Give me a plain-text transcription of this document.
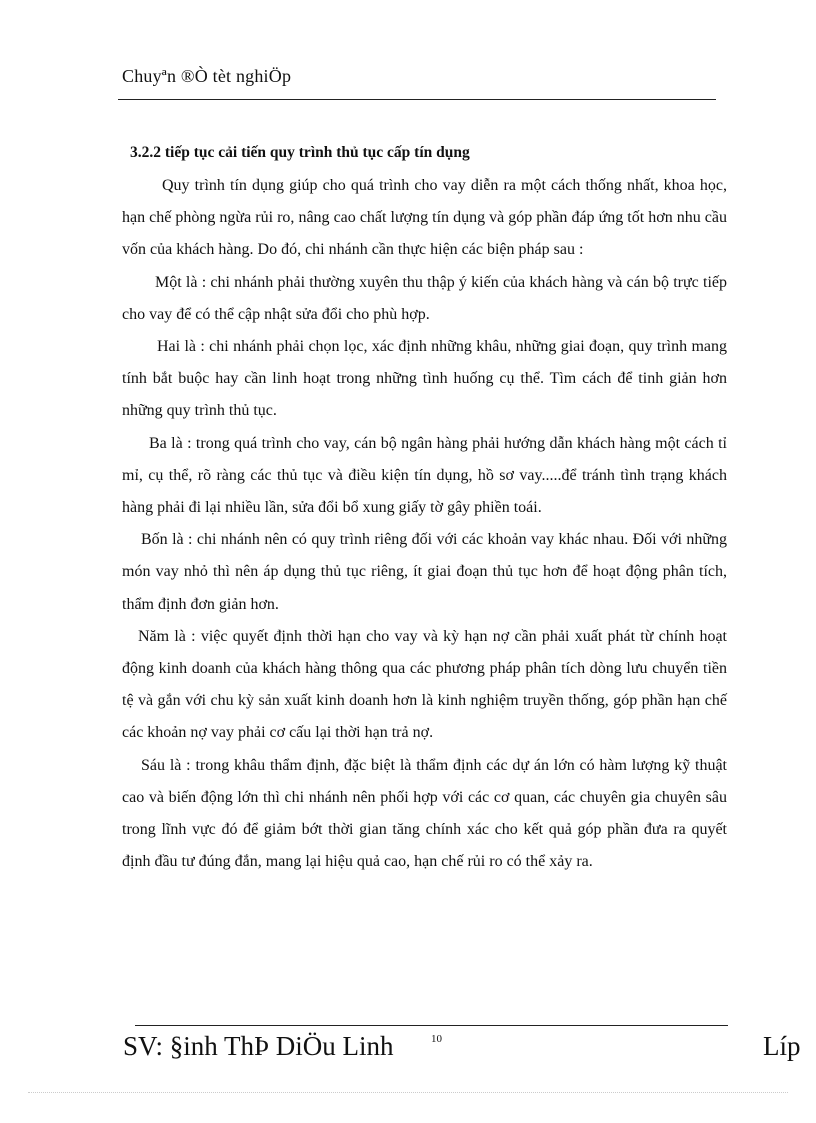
Chuyªn ®Ò tèt nghiÖp
3.2.2 tiếp tục cải tiến quy trình thủ tục cấp tín dụng

Quy trình tín dụng giúp cho quá trình cho vay diễn ra một cách thống nhất, khoa học, hạn chế phòng ngừa rủi ro, nâng cao chất lượng tín dụng và góp phần đáp ứng tốt hơn nhu cầu vốn của khách hàng. Do đó, chi nhánh cần thực hiện các biện pháp sau :

Một là : chi nhánh phải thường xuyên thu thập ý kiến của khách hàng và cán bộ trực tiếp cho vay để có thể cập nhật sửa đổi cho phù hợp.

Hai là : chi nhánh phải chọn lọc, xác định những khâu, những giai đoạn, quy trình mang tính bắt buộc hay cần linh hoạt trong những tình huống cụ thể. Tìm cách để tinh giản hơn những quy trình thủ tục.

Ba là : trong quá trình cho vay, cán bộ ngân hàng phải hướng dẫn khách hàng một cách tỉ mỉ, cụ thể, rõ ràng các thủ tục và điều kiện tín dụng, hồ sơ vay.....để tránh tình trạng khách hàng phải đi lại nhiều lần, sửa đổi bổ xung giấy tờ gây phiền toái.

Bốn là : chi nhánh nên có quy trình riêng đối với các khoản vay khác nhau. Đối với những món vay nhỏ thì nên áp dụng thủ tục riêng, ít giai đoạn thủ tục hơn để hoạt động phân tích, thẩm định đơn giản hơn.

Năm là : việc quyết định thời hạn cho vay và kỳ hạn nợ cần phải xuất phát từ chính hoạt động kinh doanh của khách hàng thông qua các phương pháp phân tích dòng lưu chuyển tiền tệ và gắn với chu kỳ sản xuất kinh doanh hơn là kinh nghiệm truyền thống, góp phần hạn chế các khoản nợ vay phải cơ cấu lại thời hạn trả nợ.

Sáu là : trong khâu thẩm định, đặc biệt là thẩm định các dự án lớn có hàm lượng kỹ thuật cao và biến động lớn thì chi nhánh nên phối hợp với các cơ quan, các chuyên gia chuyên sâu trong lĩnh vực đó để giảm bớt thời gian tăng chính xác cho kết quả góp phần đưa ra quyết định đầu tư đúng đắn, mang lại hiệu quả cao, hạn chế rủi ro có thể xảy ra.

SV: §inh ThÞ DiÖu Linh	10	Líp
